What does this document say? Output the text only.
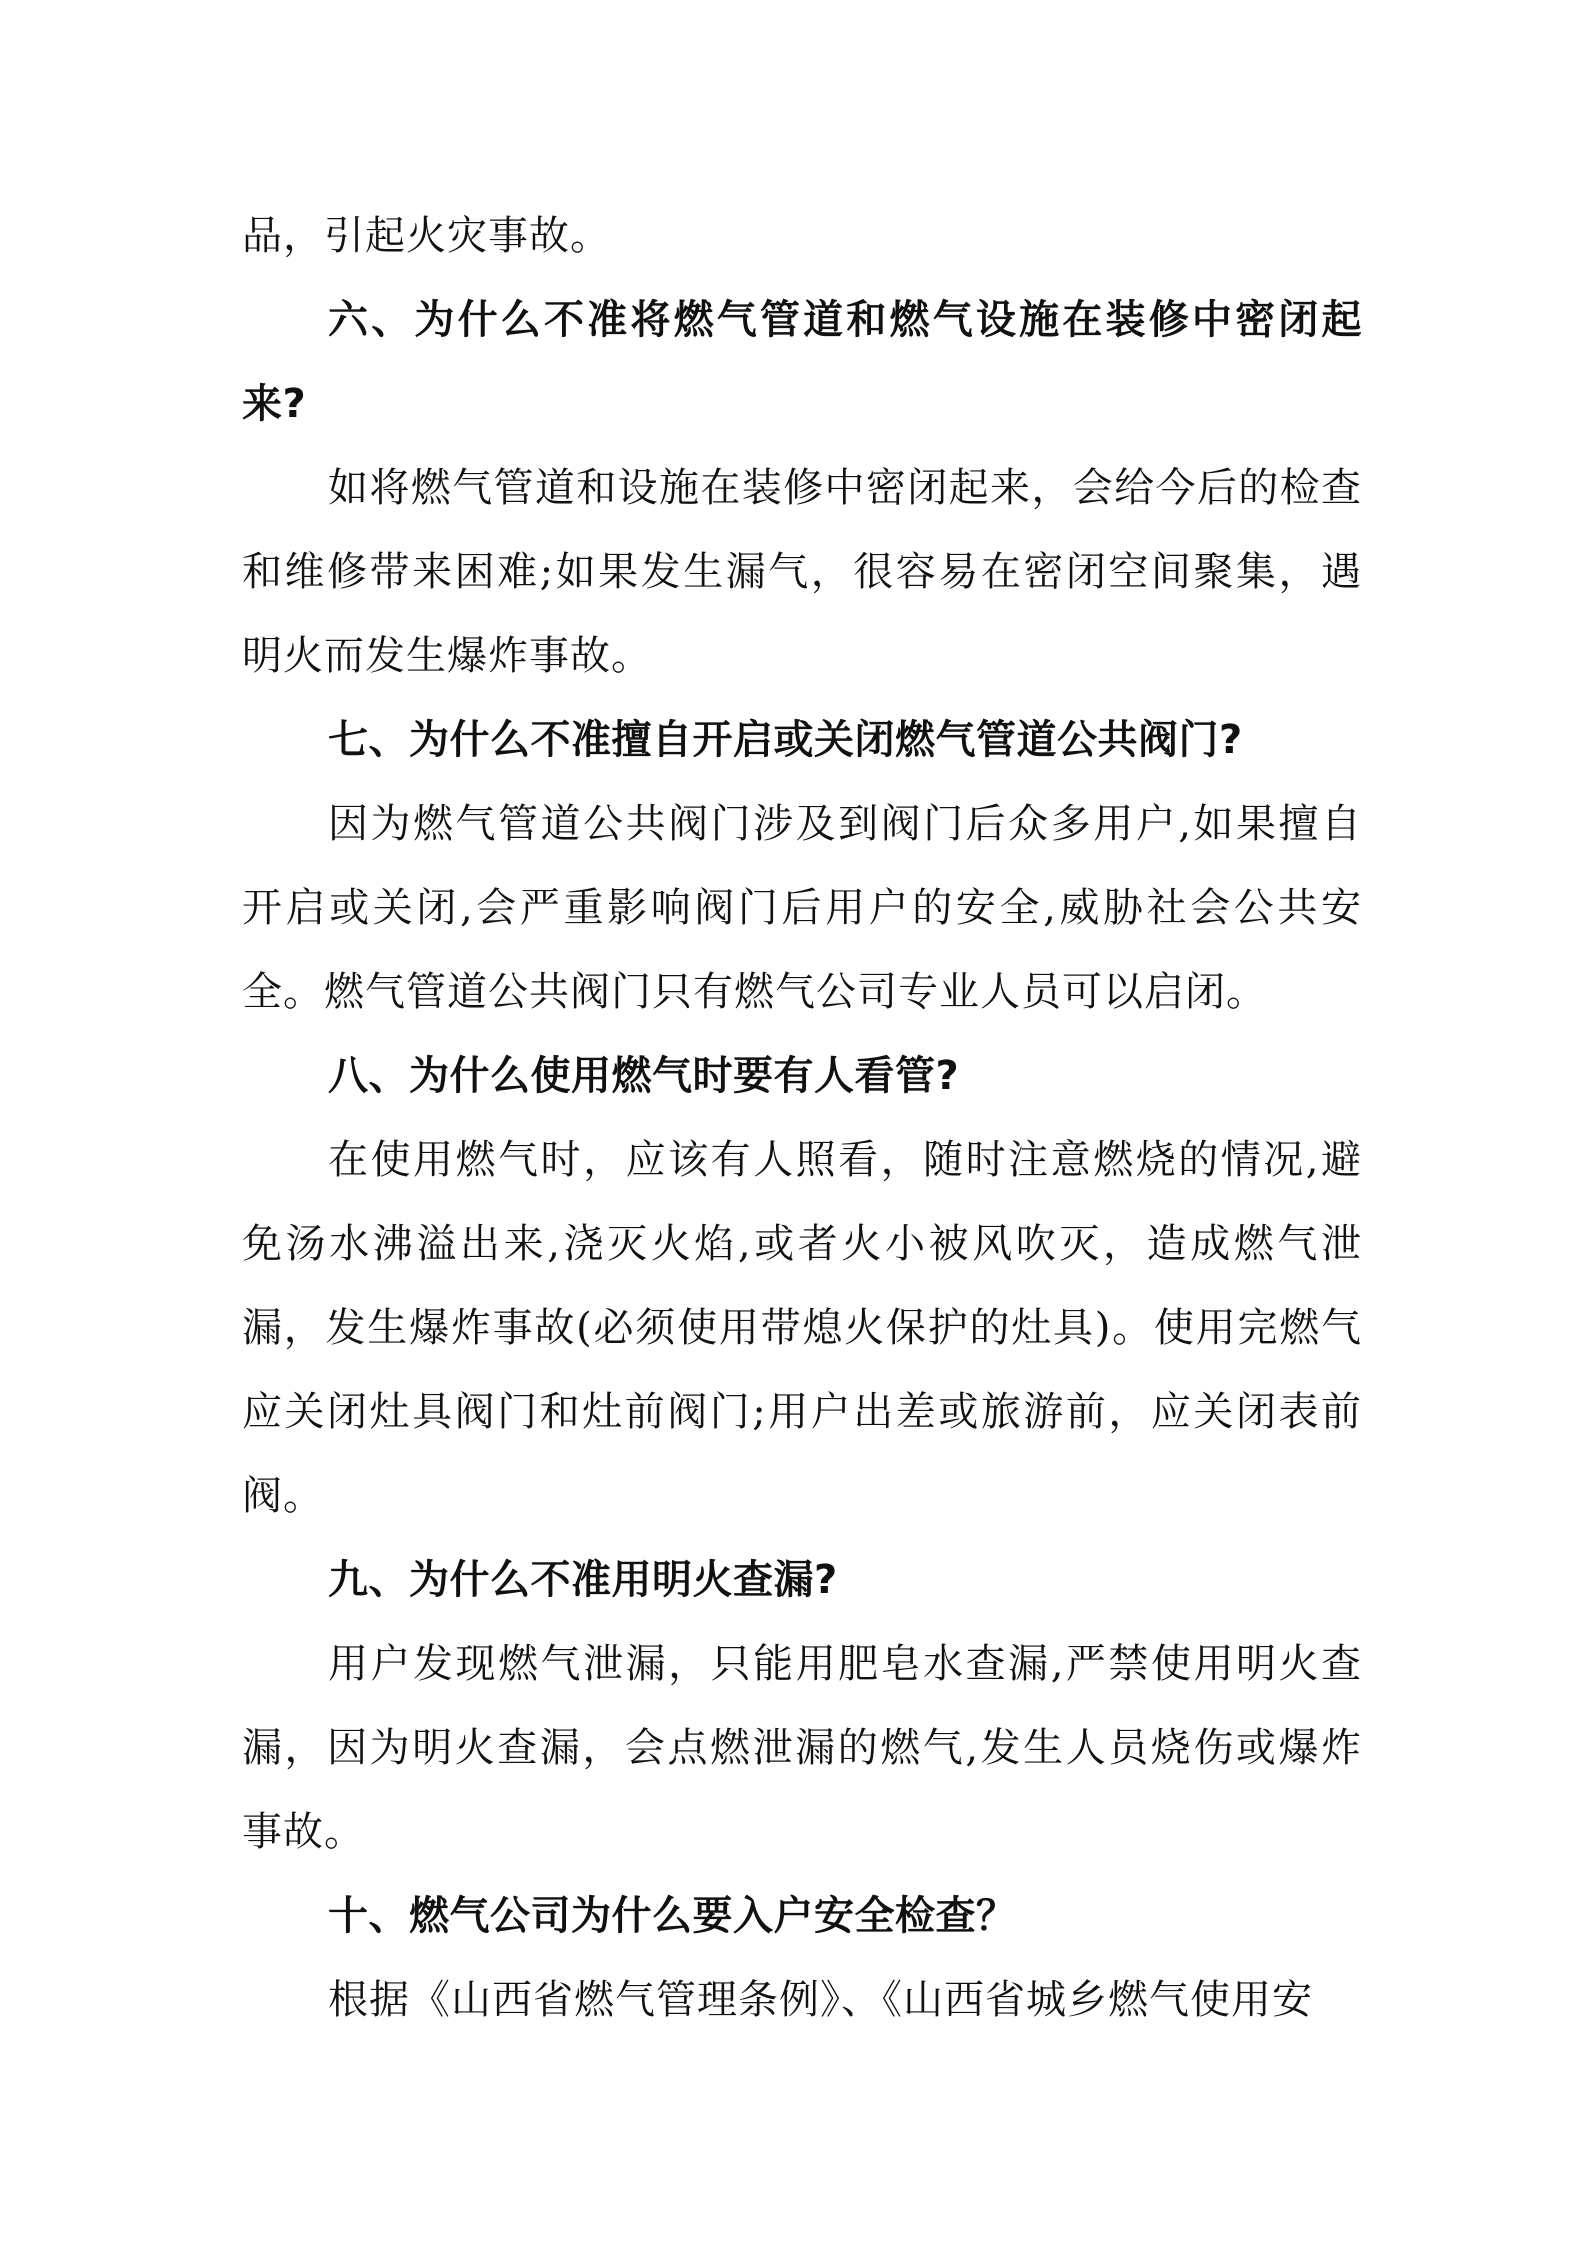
品，引起火灾事故。

六、为什么不准将燃气管道和燃气设施在装修中密闭起来?

如将燃气管道和设施在装修中密闭起来，会给今后的检查和维修带来困难;如果发生漏气，很容易在密闭空间聚集，遇明火而发生爆炸事故。

七、为什么不准擅自开启或关闭燃气管道公共阀门?

因为燃气管道公共阀门涉及到阀门后众多用户,如果擅自开启或关闭,会严重影响阀门后用户的安全,威胁社会公共安全。燃气管道公共阀门只有燃气公司专业人员可以启闭。

八、为什么使用燃气时要有人看管?

在使用燃气时，应该有人照看，随时注意燃烧的情况,避免汤水沸溢出来,浇灭火焰,或者火小被风吹灭，造成燃气泄漏，发生爆炸事故(必须使用带熄火保护的灶具)。使用完燃气应关闭灶具阀门和灶前阀门;用户出差或旅游前，应关闭表前阀。

九、为什么不准用明火查漏?

用户发现燃气泄漏，只能用肥皂水查漏,严禁使用明火查漏，因为明火查漏，会点燃泄漏的燃气,发生人员烧伤或爆炸事故。

十、燃气公司为什么要入户安全检查？

根据《山西省燃气管理条例》、《山西省城乡燃气使用安
